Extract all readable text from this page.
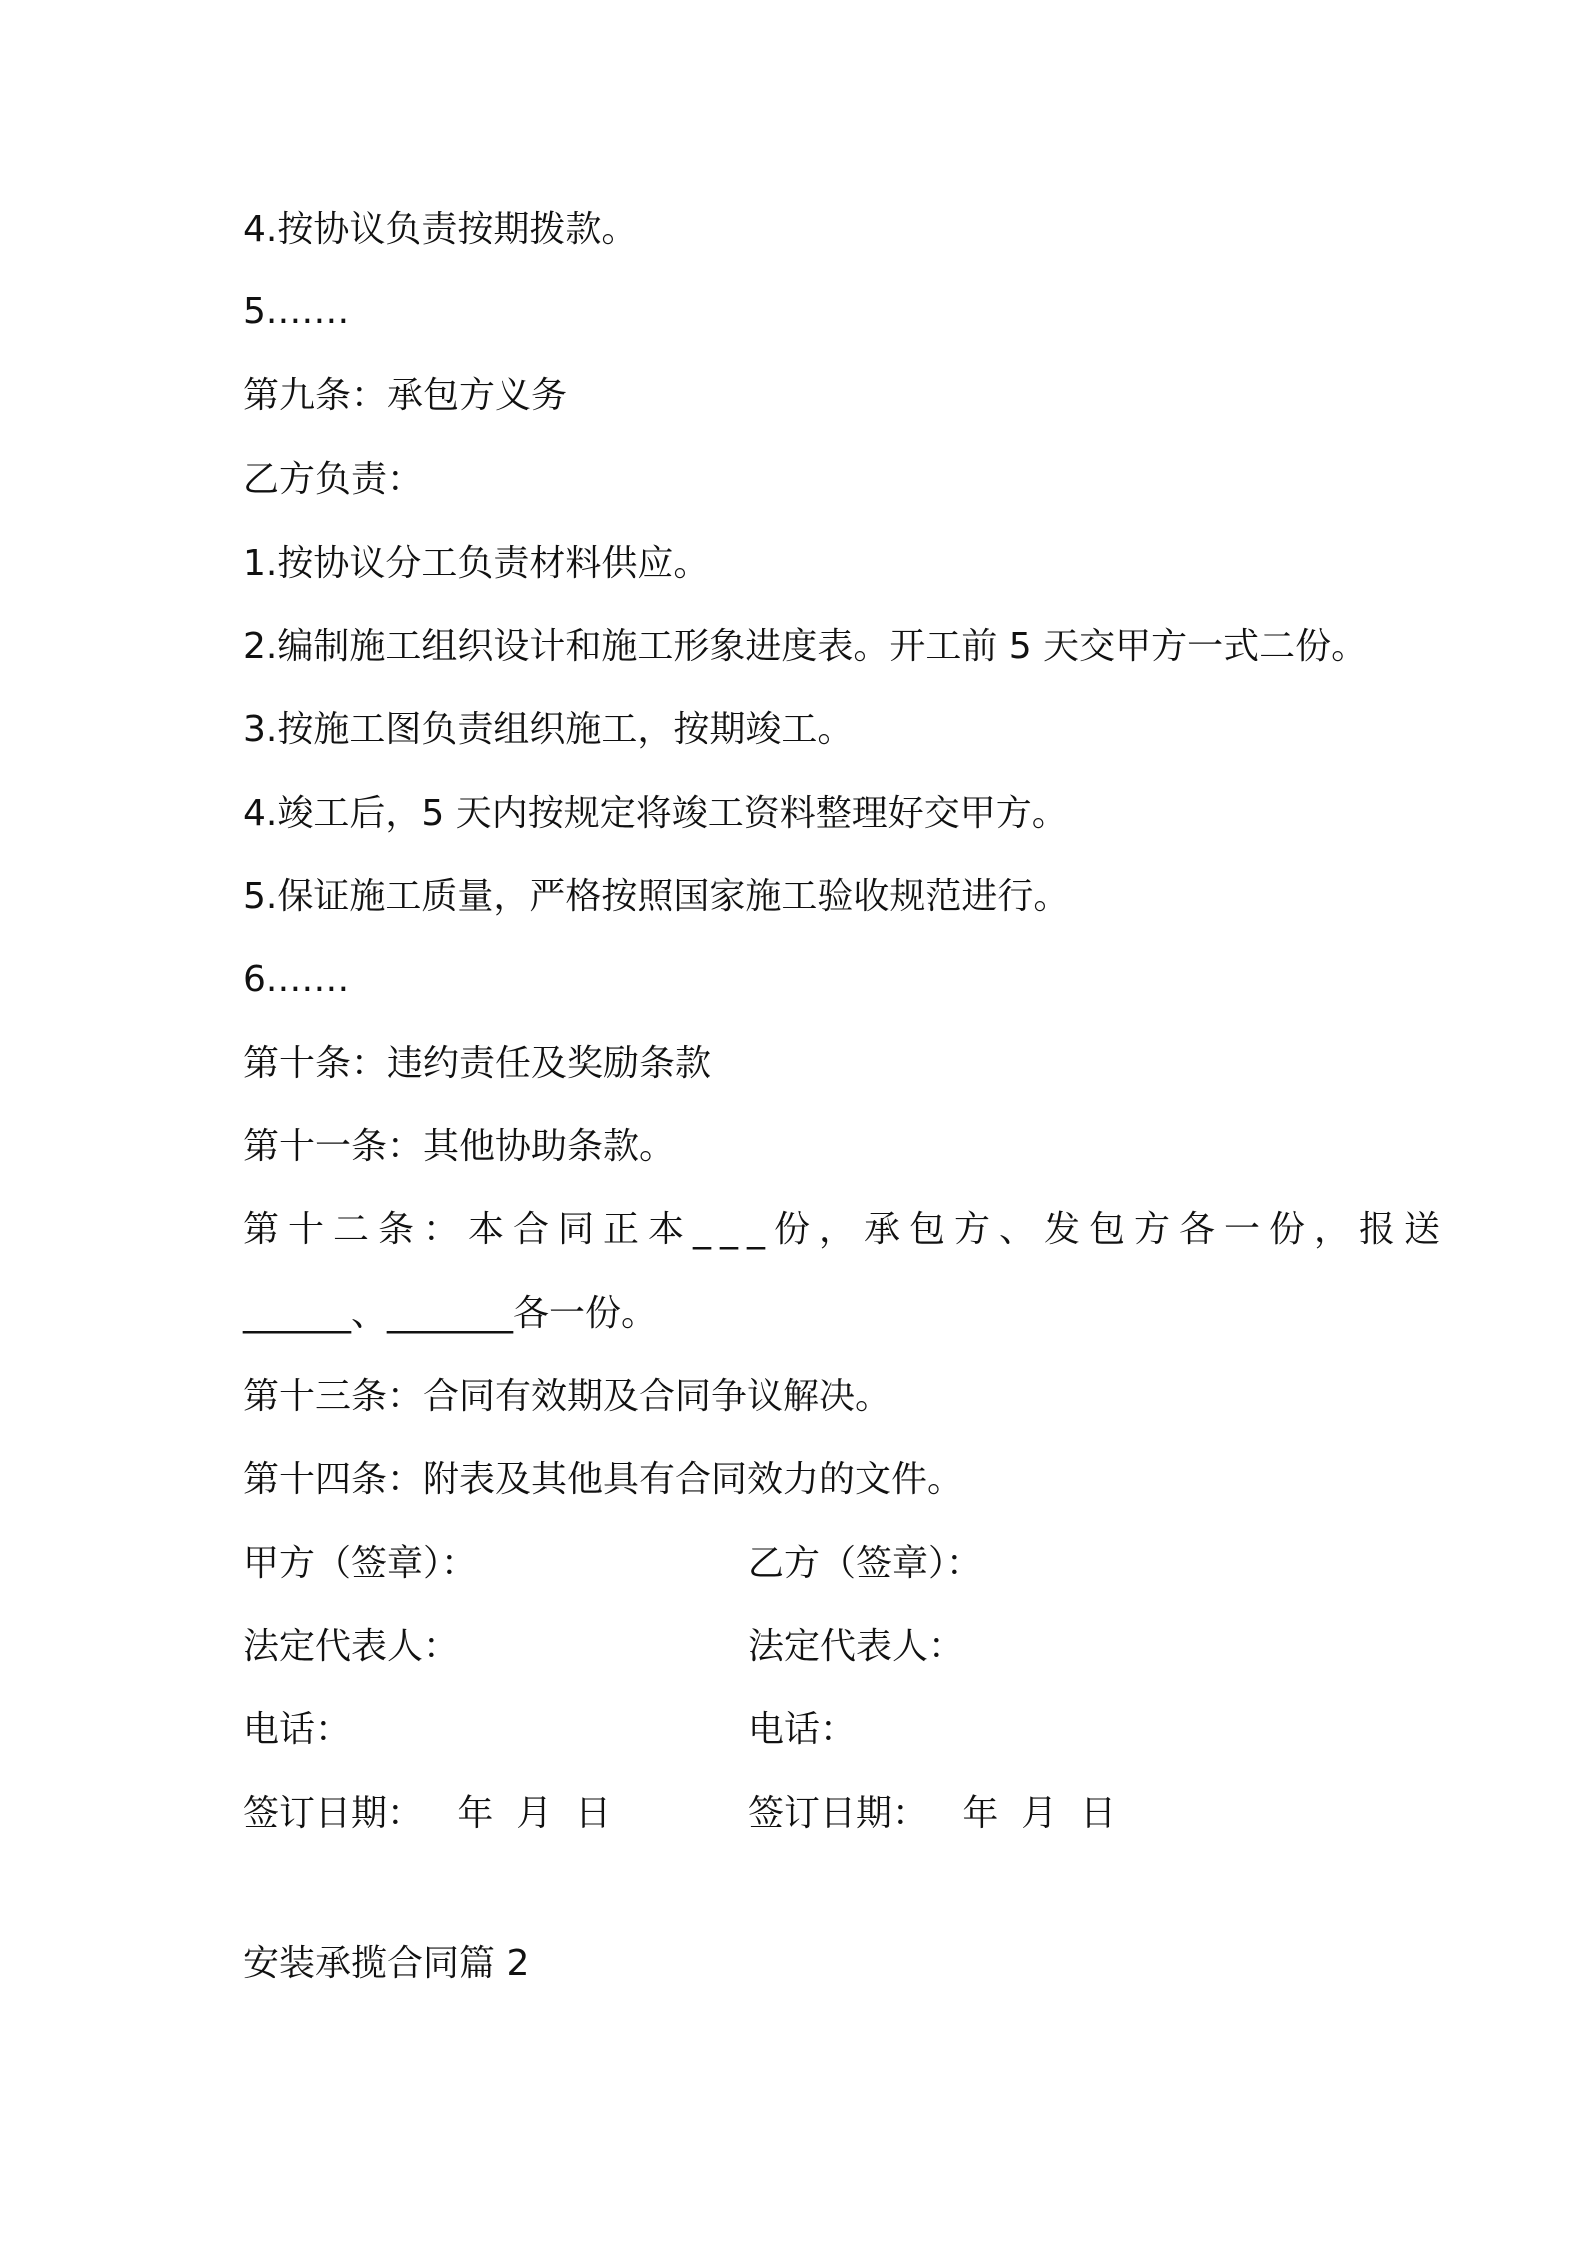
4.按协议负责按期拨款。
5.……
第九条：承包方义务
乙方负责：
1.按协议分工负责材料供应。
2.编制施工组织设计和施工形象进度表。开工前 5 天交甲方一式二份。
3.按施工图负责组织施工，按期竣工。
4.竣工后，5 天内按规定将竣工资料整理好交甲方。
5.保证施工质量，严格按照国家施工验收规范进行。
6.……
第十条：违约责任及奖励条款
第十一条：其他协助条款。
第十二条：本合同正本___份，承包方、发包方各一份，报送
______、_______各一份。
第十三条：合同有效期及合同争议解决。
第十四条：附表及其他具有合同效力的文件。
甲方（签章）：	乙方（签章）：
法定代表人：	法定代表人：
电话：	电话：
签订日期：   年  月  日	签订日期：   年  月  日
安装承揽合同篇 2
